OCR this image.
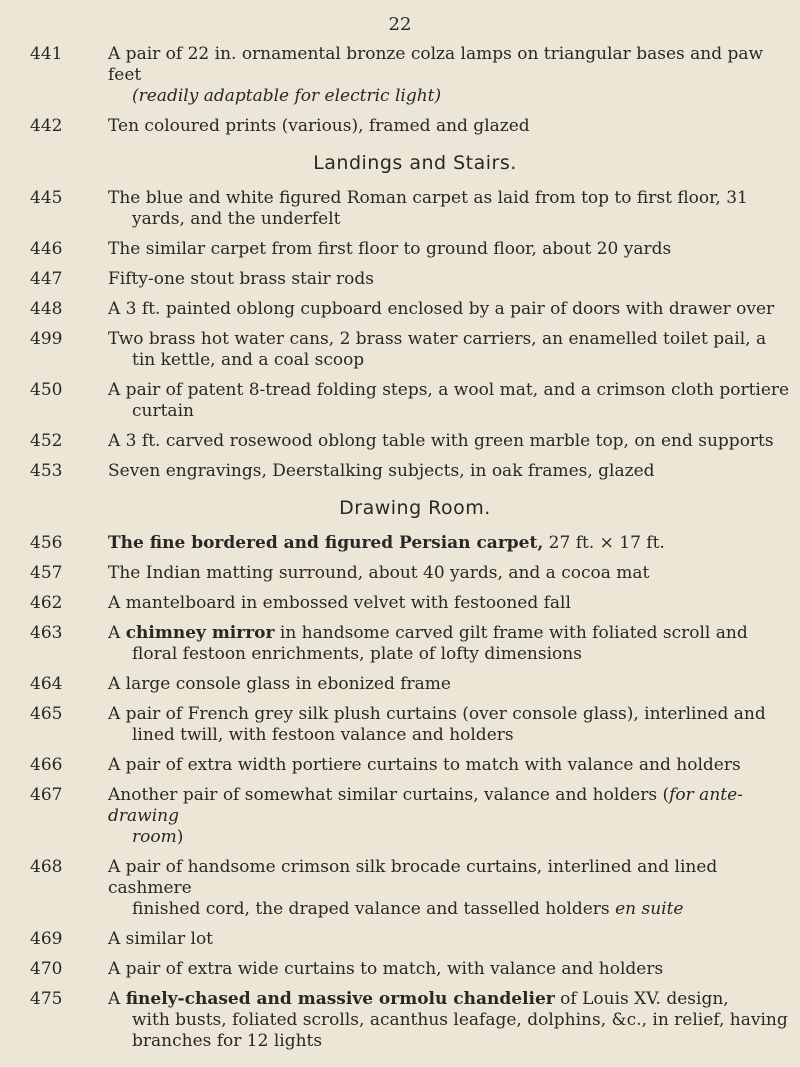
22
441	A pair of 22 in. ornamental bronze colza lamps on triangular bases and paw feet
(readily adaptable for electric light)
442	Ten coloured prints (various), framed and glazed
Landings and Stairs.
445	The blue and white figured Roman carpet as laid from top to first floor, 31
yards, and the underfelt
446	The similar carpet from first floor to ground floor, about 20 yards
447	Fifty-one stout brass stair rods
448	A 3 ft. painted oblong cupboard enclosed by a pair of doors with drawer over
499	Two brass hot water cans, 2 brass water carriers, an enamelled toilet pail, a
tin kettle, and a coal scoop
450	A pair of patent 8-tread folding steps, a wool mat, and a crimson cloth portiere
curtain
452	A 3 ft. carved rosewood oblong table with green marble top, on end supports
453	Seven engravings, Deerstalking subjects, in oak frames, glazed
Drawing Room.
456	The fine bordered and figured Persian carpet, 27 ft. × 17 ft.
457	The Indian matting surround, about 40 yards, and a cocoa mat
462	A mantelboard in embossed velvet with festooned fall
463	A chimney mirror in handsome carved gilt frame with foliated scroll and
floral festoon enrichments, plate of lofty dimensions
464	A large console glass in ebonized frame
465	A pair of French grey silk plush curtains (over console glass), interlined and
lined twill, with festoon valance and holders
466	A pair of extra width portiere curtains to match with valance and holders
467	Another pair of somewhat similar curtains, valance and holders (for ante-drawing
room)
468	A pair of handsome crimson silk brocade curtains, interlined and lined cashmere
finished cord, the draped valance and tasselled holders en suite
469	A similar lot
470	A pair of extra wide curtains to match, with valance and holders
475	A finely-chased and massive ormolu chandelier of Louis XV. design,
with busts, foliated scrolls, acanthus leafage, dolphins, &c., in relief, having branches for 12 lights
